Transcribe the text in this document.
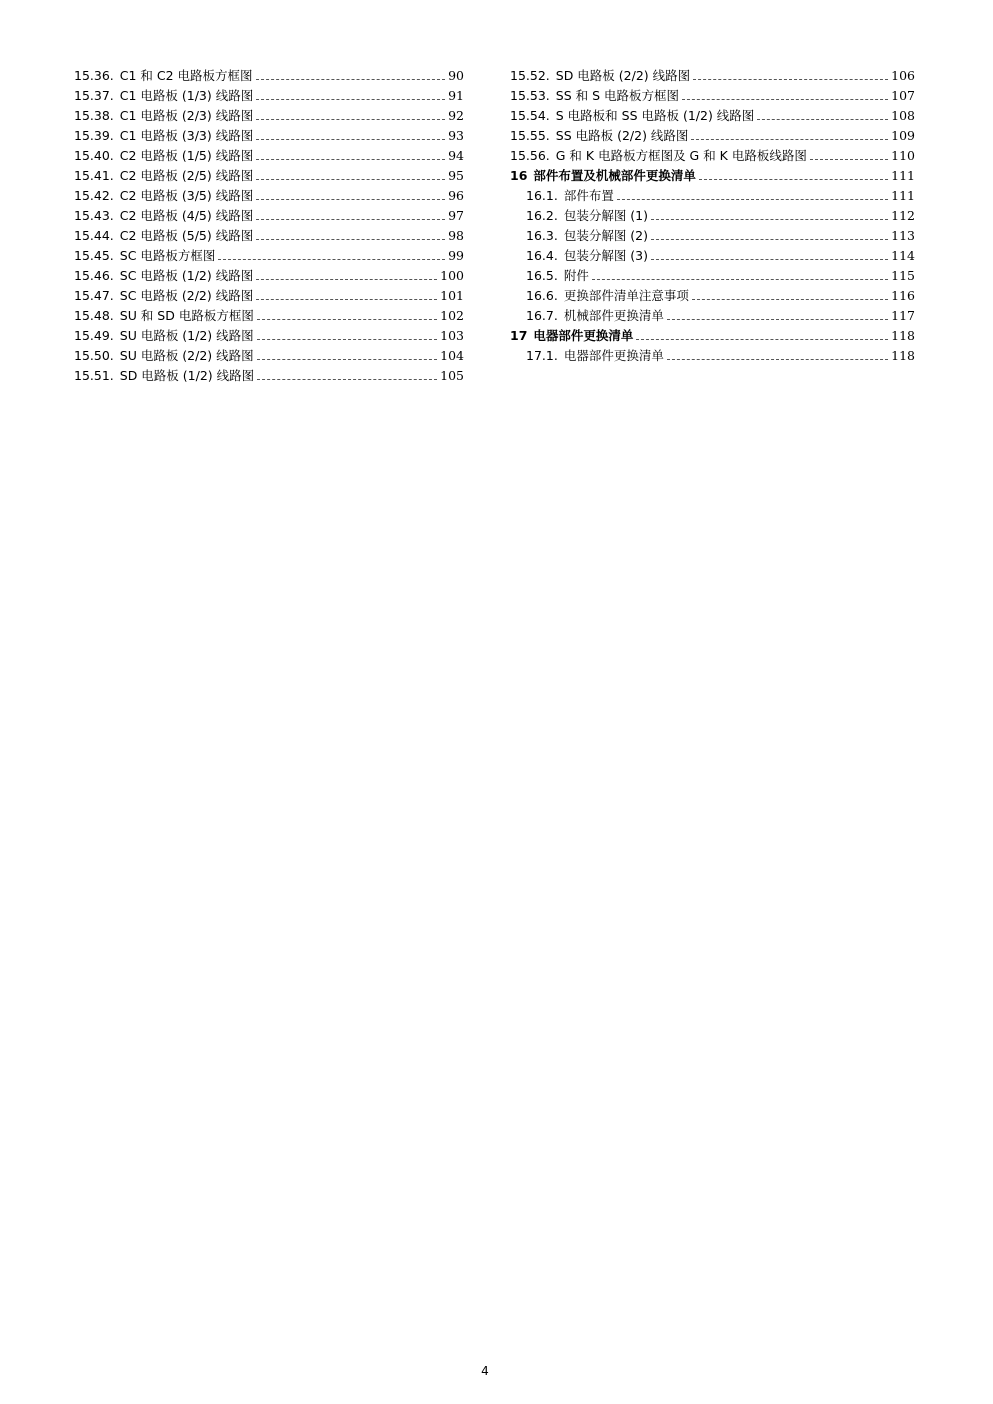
15.36. C1 和 C2 电路板方框图	90
15.37. C1 电路板 (1/3) 线路图	91
15.38. C1 电路板 (2/3) 线路图	92
15.39. C1 电路板 (3/3) 线路图	93
15.40. C2 电路板 (1/5) 线路图	94
15.41. C2 电路板 (2/5) 线路图	95
15.42. C2 电路板 (3/5) 线路图	96
15.43. C2 电路板 (4/5) 线路图	97
15.44. C2 电路板 (5/5) 线路图	98
15.45. SC 电路板方框图	99
15.46. SC 电路板 (1/2) 线路图	100
15.47. SC 电路板 (2/2) 线路图	101
15.48. SU 和 SD 电路板方框图	102
15.49. SU 电路板 (1/2) 线路图	103
15.50. SU 电路板 (2/2) 线路图	104
15.51. SD 电路板 (1/2) 线路图	105
15.52. SD 电路板 (2/2) 线路图	106
15.53. SS 和 S 电路板方框图	107
15.54. S 电路板和 SS 电路板 (1/2) 线路图	108
15.55. SS 电路板 (2/2) 线路图	109
15.56. G 和 K 电路板方框图及 G 和 K 电路板线路图	110
16 部件布置及机械部件更换清单	111
16.1. 部件布置	111
16.2. 包装分解图 (1)	112
16.3. 包装分解图 (2)	113
16.4. 包装分解图 (3)	114
16.5. 附件	115
16.6. 更换部件清单注意事项	116
16.7. 机械部件更换清单	117
17 电器部件更换清单	118
17.1. 电器部件更换清单	118
4
